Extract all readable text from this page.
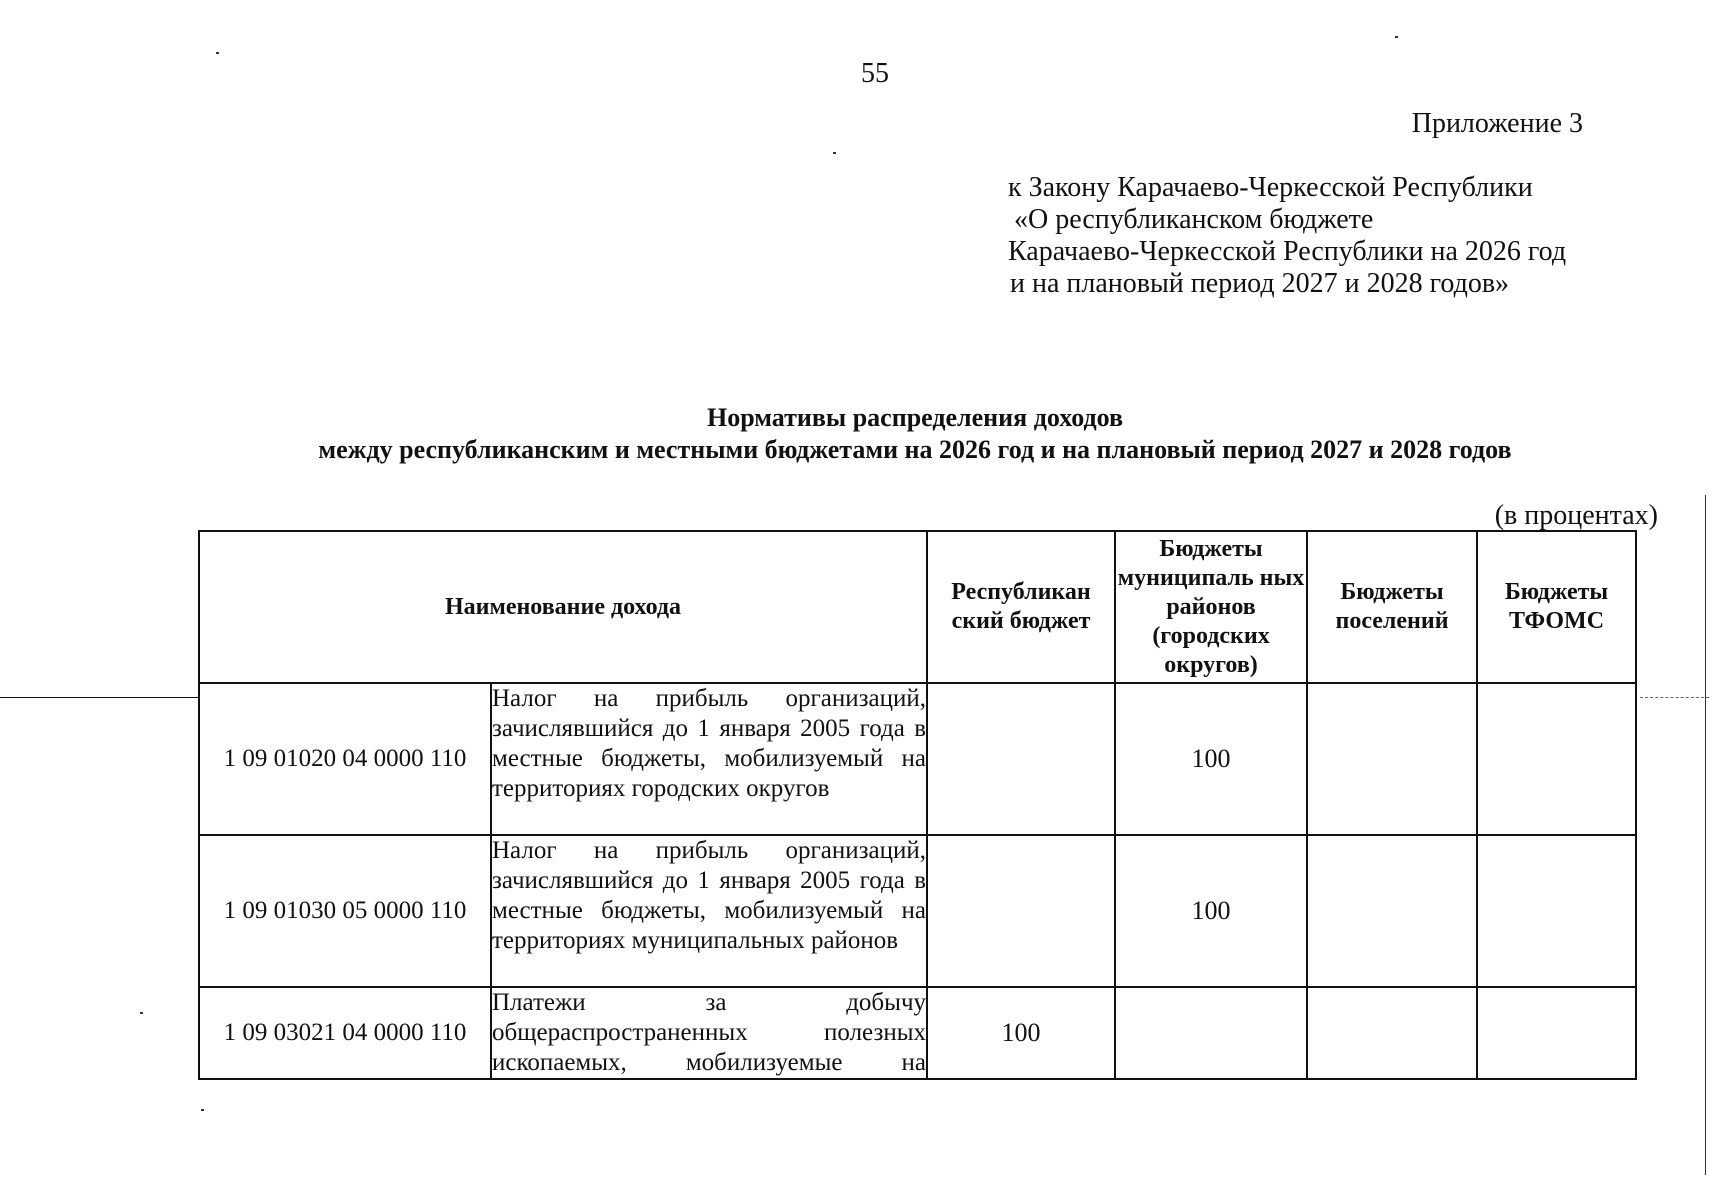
55
Приложение 3
к Закону Карачаево-Черкесской Республики
«О республиканском бюджете
Карачаево-Черкесской Республики на 2026 год
и на плановый период 2027 и 2028 годов»
Нормативы распределения доходов
между республиканским и местными бюджетами на 2026 год и на плановый период 2027 и 2028 годов
(в процентах)
Наименование дохода		Республикан ский бюджет	Бюджеты муниципаль ных районов (городских округов)	Бюджеты поселений	Бюджеты ТФОМС
1 09 01020 04 0000 110	Налог на прибыль организаций, зачислявшийся до 1 января 2005 года в местные бюджеты, мобилизуемый на территориях городских округов		100		
1 09 01030 05 0000 110	Налог на прибыль организаций, зачислявшийся до 1 января 2005 года в местные бюджеты, мобилизуемый на территориях муниципальных районов		100		
1 09 03021 04 0000 110	Платежи за добычу общераспространенных полезных ископаемых, мобилизуемые на	100			
